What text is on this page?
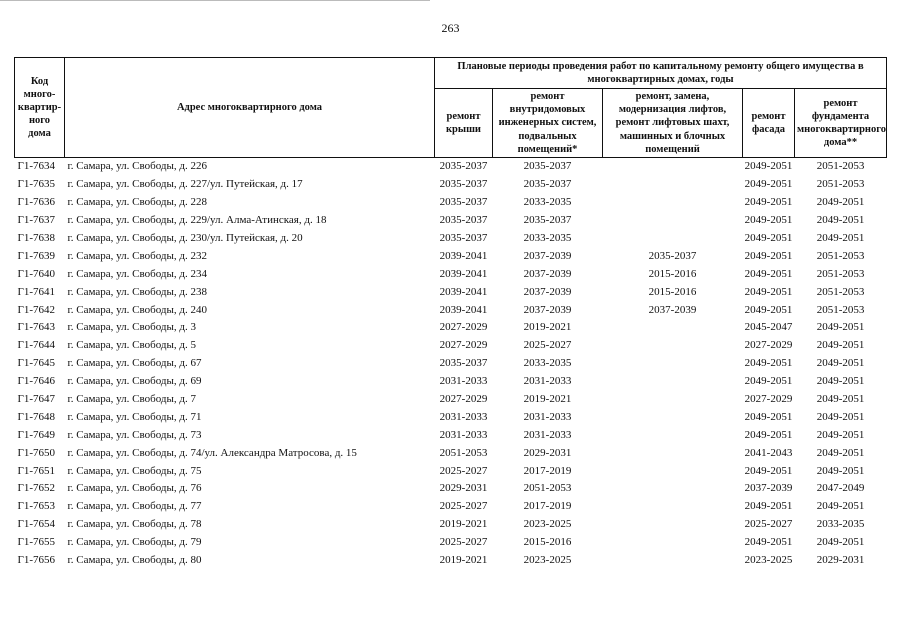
263
Код много-квартир-ного дома	Адрес многоквартирного дома	Плановые периоды проведения работ по капитальному ремонту общего имущества в многоквартирных домах, годы				
		ремонт крыши	ремонт внутридомовых инженерных систем, подвальных помещений*	ремонт, замена, модернизация лифтов, ремонт лифтовых шахт, машинных и блочных помещений	ремонт фасада	ремонт фундамента многоквартирного дома**
Г1-7634	г. Самара, ул. Свободы, д. 226	2035-2037	2035-2037		2049-2051	2051-2053
Г1-7635	г. Самара, ул. Свободы, д. 227/ул. Путейская, д. 17	2035-2037	2035-2037		2049-2051	2051-2053
Г1-7636	г. Самара, ул. Свободы, д. 228	2035-2037	2033-2035		2049-2051	2049-2051
Г1-7637	г. Самара, ул. Свободы, д. 229/ул. Алма-Атинская, д. 18	2035-2037	2035-2037		2049-2051	2049-2051
Г1-7638	г. Самара, ул. Свободы, д. 230/ул. Путейская, д. 20	2035-2037	2033-2035		2049-2051	2049-2051
Г1-7639	г. Самара, ул. Свободы, д. 232	2039-2041	2037-2039	2035-2037	2049-2051	2051-2053
Г1-7640	г. Самара, ул. Свободы, д. 234	2039-2041	2037-2039	2015-2016	2049-2051	2051-2053
Г1-7641	г. Самара, ул. Свободы, д. 238	2039-2041	2037-2039	2015-2016	2049-2051	2051-2053
Г1-7642	г. Самара, ул. Свободы, д. 240	2039-2041	2037-2039	2037-2039	2049-2051	2051-2053
Г1-7643	г. Самара, ул. Свободы, д. 3	2027-2029	2019-2021		2045-2047	2049-2051
Г1-7644	г. Самара, ул. Свободы, д. 5	2027-2029	2025-2027		2027-2029	2049-2051
Г1-7645	г. Самара, ул. Свободы, д. 67	2035-2037	2033-2035		2049-2051	2049-2051
Г1-7646	г. Самара, ул. Свободы, д. 69	2031-2033	2031-2033		2049-2051	2049-2051
Г1-7647	г. Самара, ул. Свободы, д. 7	2027-2029	2019-2021		2027-2029	2049-2051
Г1-7648	г. Самара, ул. Свободы, д. 71	2031-2033	2031-2033		2049-2051	2049-2051
Г1-7649	г. Самара, ул. Свободы, д. 73	2031-2033	2031-2033		2049-2051	2049-2051
Г1-7650	г. Самара, ул. Свободы, д. 74/ул. Александра Матросова, д. 15	2051-2053	2029-2031		2041-2043	2049-2051
Г1-7651	г. Самара, ул. Свободы, д. 75	2025-2027	2017-2019		2049-2051	2049-2051
Г1-7652	г. Самара, ул. Свободы, д. 76	2029-2031	2051-2053		2037-2039	2047-2049
Г1-7653	г. Самара, ул. Свободы, д. 77	2025-2027	2017-2019		2049-2051	2049-2051
Г1-7654	г. Самара, ул. Свободы, д. 78	2019-2021	2023-2025		2025-2027	2033-2035
Г1-7655	г. Самара, ул. Свободы, д. 79	2025-2027	2015-2016		2049-2051	2049-2051
Г1-7656	г. Самара, ул. Свободы, д. 80	2019-2021	2023-2025		2023-2025	2029-2031
